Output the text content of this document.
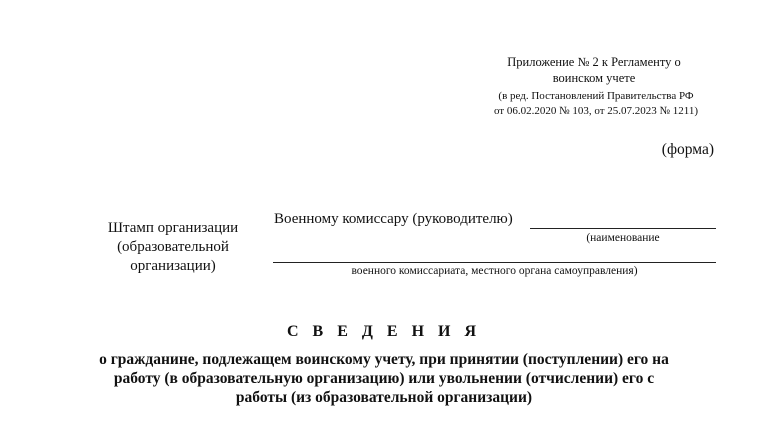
Приложение № 2 к Регламенту о
воинском учете
(в ред. Постановлений Правительства РФ
от 06.02.2020 № 103, от 25.07.2023 № 1211)
(форма)
Штамп организации
(образовательной
организации)
Военному комиссару (руководителю)
(наименование
военного комиссариата, местного органа самоуправления)
С В Е Д Е Н И Я
о гражданине, подлежащем воинскому учету, при принятии (поступлении) его на
работу (в образовательную организацию) или увольнении (отчислении) его с
работы (из образовательной организации)
